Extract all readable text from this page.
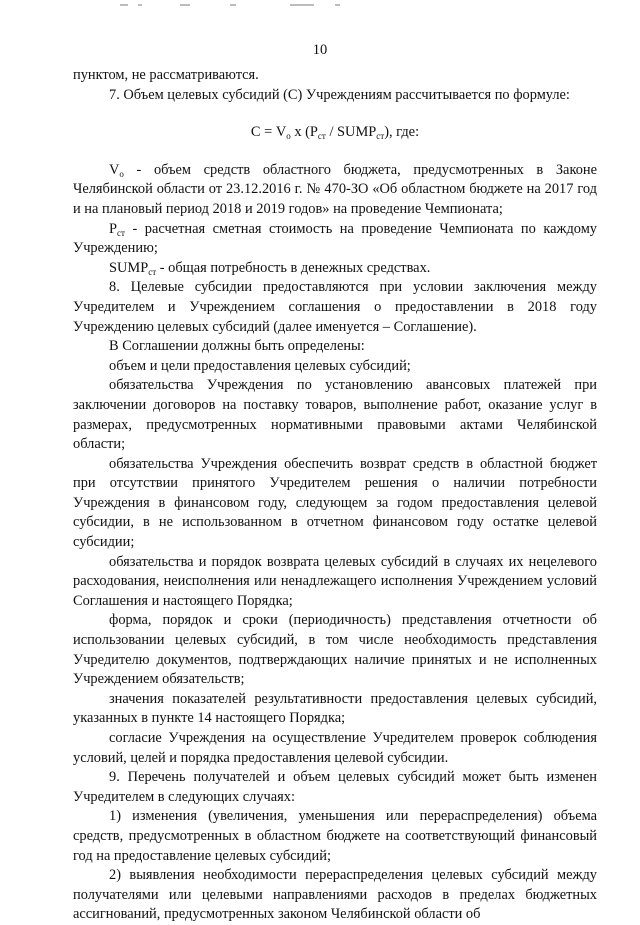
10

пунктом, не рассматриваются.

7. Объем целевых субсидий (С) Учреждениям рассчитывается по формуле:

$С = V_о$ x ($P_{ст}$ / $SUMP_{ст}$), где:

$V_о$ - объем средств областного бюджета, предусмотренных в Законе Челябинской области от 23.12.2016 г. № 470-ЗО «Об областном бюджете на 2017 год и на плановый период 2018 и 2019 годов» на проведение Чемпионата;

$P_{ст}$ - расчетная сметная стоимость на проведение Чемпионата по каждому Учреждению;

$SUMP_{ст}$ - общая потребность в денежных средствах.

8. Целевые субсидии предоставляются при условии заключения между Учредителем и Учреждением соглашения о предоставлении в 2018 году Учреждению целевых субсидий (далее именуется – Соглашение).

В Соглашении должны быть определены:

объем и цели предоставления целевых субсидий;

обязательства Учреждения по установлению авансовых платежей при заключении договоров на поставку товаров, выполнение работ, оказание услуг в размерах, предусмотренных нормативными правовыми актами Челябинской области;

обязательства Учреждения обеспечить возврат средств в областной бюджет при отсутствии принятого Учредителем решения о наличии потребности Учреждения в финансовом году, следующем за годом предоставления целевой субсидии, в не использованном в отчетном финансовом году остатке целевой субсидии;

обязательства и порядок возврата целевых субсидий в случаях их нецелевого расходования, неисполнения или ненадлежащего исполнения Учреждением условий Соглашения и настоящего Порядка;

форма, порядок и сроки (периодичность) представления отчетности об использовании целевых субсидий, в том числе необходимость представления Учредителю документов, подтверждающих наличие принятых и не исполненных Учреждением обязательств;

значения показателей результативности предоставления целевых субсидий, указанных в пункте 14 настоящего Порядка;

согласие Учреждения на осуществление Учредителем проверок соблюдения условий, целей и порядка предоставления целевой субсидии.

9. Перечень получателей и объем целевых субсидий может быть изменен Учредителем в следующих случаях:

1) изменения (увеличения, уменьшения или перераспределения) объема средств, предусмотренных в областном бюджете на соответствующий финансовый год на предоставление целевых субсидий;

2) выявления необходимости перераспределения целевых субсидий между получателями или целевыми направлениями расходов в пределах бюджетных ассигнований, предусмотренных законом Челябинской области об
